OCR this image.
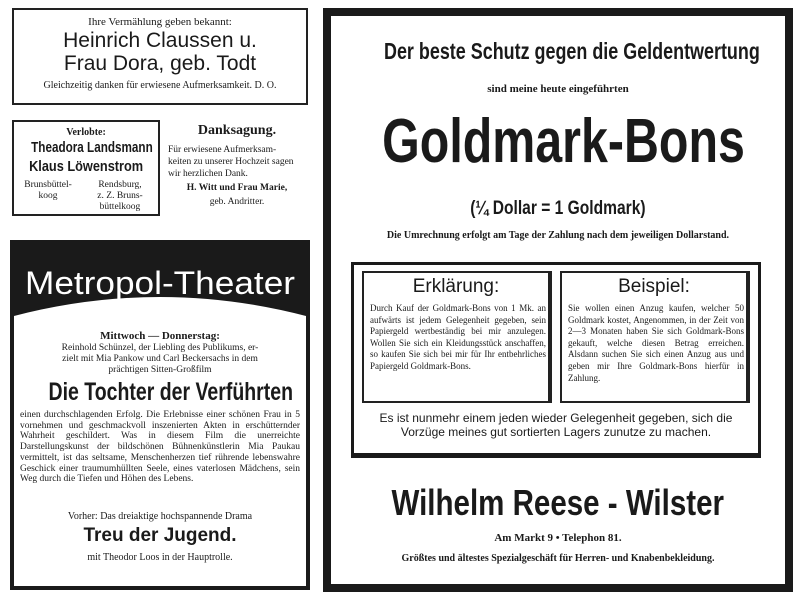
Ihre Vermählung geben bekannt:
Heinrich Claussen u.
Frau Dora, geb. Todt
Gleichzeitig danken für erwiesene Aufmerksamkeit. D. O.
Verlobte:
Theadora Landsmann
Klaus Löwenstrom
Brunsbüttel-
koog
Rendsburg,
z. Z. Bruns-
büttelkoog
Danksagung.
Für erwiesene Aufmerksam-
keiten zu unserer Hochzeit sagen
wir herzlichen Dank.
H. Witt und Frau Marie,
geb. Andritter.
Metropol-Theater
Mittwoch — Donnerstag:
Reinhold Schünzel, der Liebling des Publikums, er-
zielt mit Mia Pankow und Carl Beckersachs in dem
prächtigen Sitten-Großfilm
Die Tochter der Verführten
einen durchschlagenden Erfolg. Die Erlebnisse einer schönen Frau in 5 vornehmen und geschmackvoll inszenierten Akten in erschütternder Wahrheit geschildert. Was in diesem Film die unerreichte Darstellungskunst der bildschönen Bühnenkünstlerin Mia Paukau vermittelt, ist das seltsame, Menschenherzen tief rührende lebenswahre Geschick einer traumumhüllten Seele, eines vaterlosen Mädchens, sein Weg durch die Tiefen und Höhen des Lebens.
Vorher: Das dreiaktige hochspannende Drama
Treu der Jugend.
mit Theodor Loos in der Hauptrolle.
Der beste Schutz gegen die Geldentwertung
sind meine heute eingeführten
Goldmark-Bons
(¼ Dollar = 1 Goldmark)
Die Umrechnung erfolgt am Tage der Zahlung nach dem jeweiligen Dollarstand.
Erklärung:
Durch Kauf der Goldmark-Bons von 1 Mk. an aufwärts ist jedem Gelegenheit gegeben, sein Papiergeld wertbeständig bei mir anzulegen. Wollen Sie sich ein Kleidungsstück anschaffen, so kaufen Sie sich bei mir für Ihr entbehrliches Papiergeld Goldmark-Bons.
Beispiel:
Sie wollen einen Anzug kaufen, welcher 50 Goldmark kostet, Angenommen, in der Zeit von 2—3 Monaten haben Sie sich Goldmark-Bons gekauft, welche diesen Betrag erreichen. Alsdann suchen Sie sich einen Anzug aus und geben mir Ihre Goldmark-Bons hierfür in Zahlung.
Es ist nunmehr einem jeden wieder Gelegenheit gegeben, sich die Vorzüge meines gut sortierten Lagers zunutze zu machen.
Wilhelm Reese - Wilster
Am Markt 9 • Telephon 81.
Größtes und ältestes Spezialgeschäft für Herren- und Knabenbekleidung.
